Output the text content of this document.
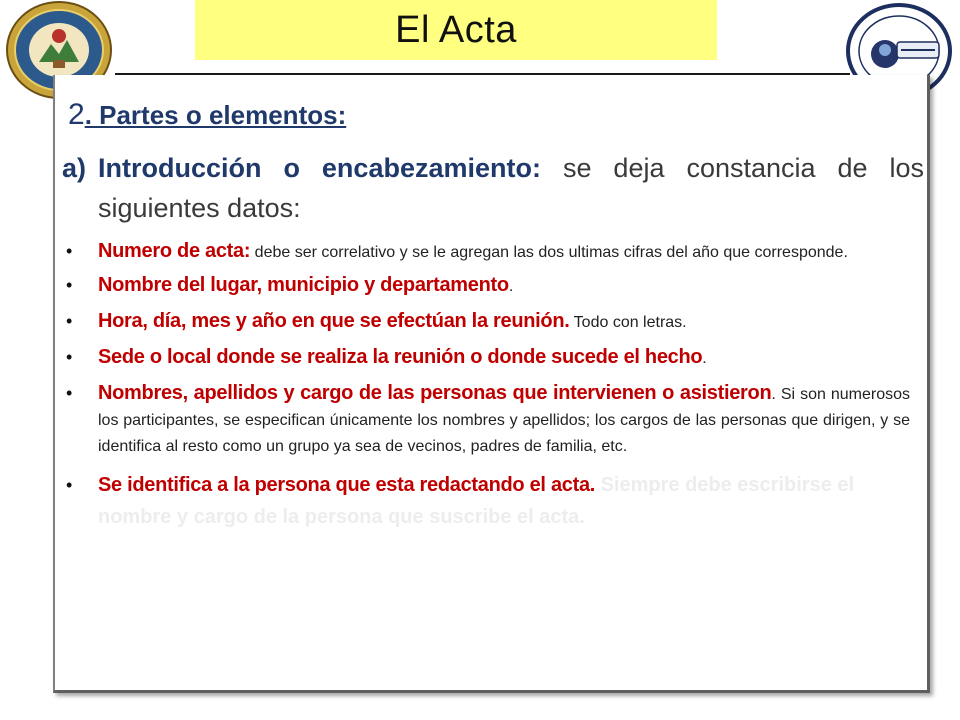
El Acta
2. Partes o elementos:
a) Introducción o encabezamiento: se deja constancia de los siguientes datos:

• Numero de acta: debe ser correlativo y se le agregan las dos ultimas cifras del año que corresponde.

• Nombre del lugar, municipio y departamento.

• Hora, día, mes y año en que se efectúan la reunión. Todo con letras.

• Sede o local donde se realiza la reunión o donde sucede el hecho.

• Nombres, apellidos y cargo de las personas que intervienen o asistieron. Si son numerosos los participantes, se especifican únicamente los nombres y apellidos; los cargos de las personas que dirigen, y se identifica al resto como un grupo ya sea de vecinos, padres de familia, etc.

• Se identifica a la persona que esta redactando el acta. Siempre debe escribirse el nombre y cargo de la persona que suscribe el acta.
